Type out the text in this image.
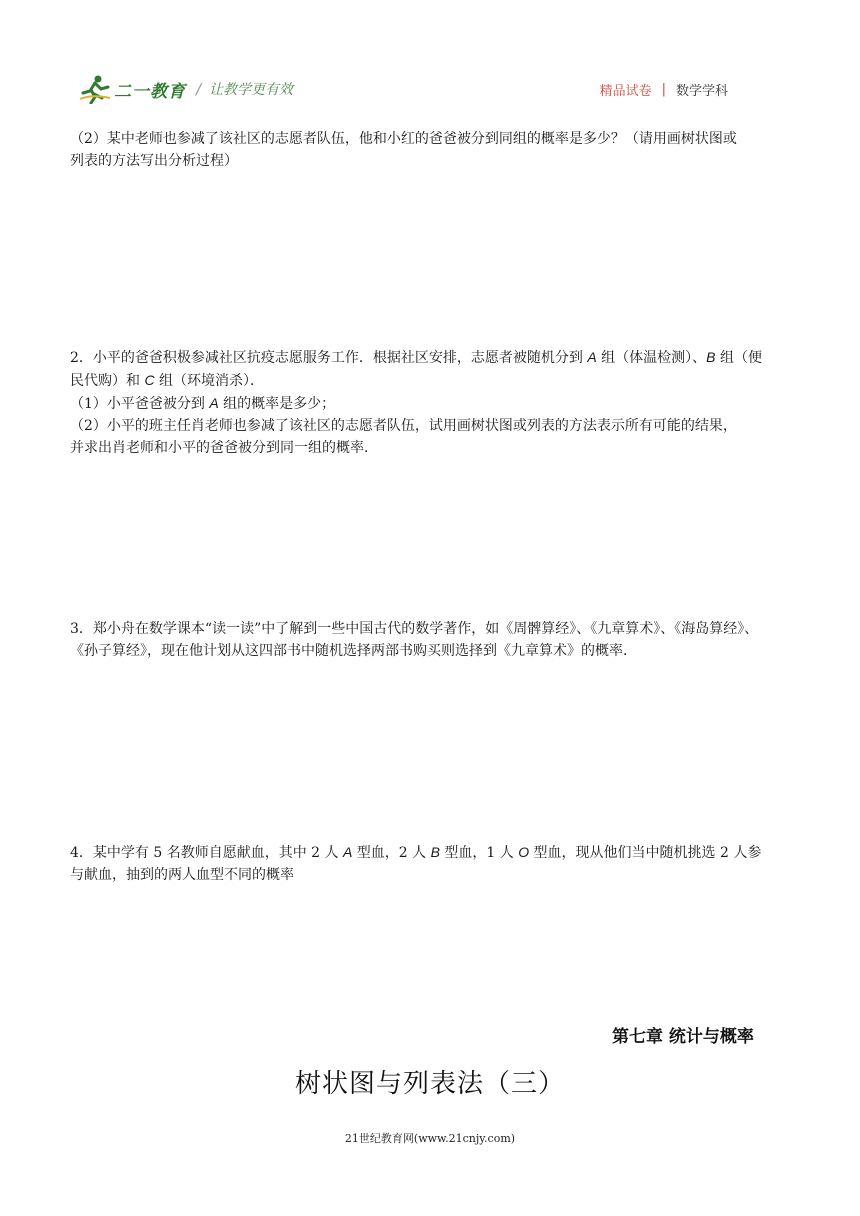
二一教育 / 让教学更有效	精品试卷 | 数学学科

（2）某中老师也参减了该社区的志愿者队伍，他和小红的爸爸被分到同组的概率是多少？（请用画树状图或

列表的方法写出分析过程）

2．小平的爸爸积极参减社区抗疫志愿服务工作．根据社区安排，志愿者被随机分到 A 组（体温检测）、B 组（便

民代购）和 C 组（环境消杀）．

（1）小平爸爸被分到 A 组的概率是多少；

（2）小平的班主任肖老师也参减了该社区的志愿者队伍，试用画树状图或列表的方法表示所有可能的结果，

并求出肖老师和小平的爸爸被分到同一组的概率．

3．郑小舟在数学课本“读一读”中了解到一些中国古代的数学著作，如《周髀算经》、《九章算术》、《海岛算经》、

《孙子算经》，现在他计划从这四部书中随机选择两部书购买则选择到《九章算术》的概率．

4．某中学有 5 名教师自愿献血，其中 2 人 A 型血，2 人 B 型血，1 人 O 型血，现从他们当中随机挑选 2 人参

与献血，抽到的两人血型不同的概率

第七章 统计与概率
树状图与列表法（三）
21世纪教育网(www.21cnjy.com)
